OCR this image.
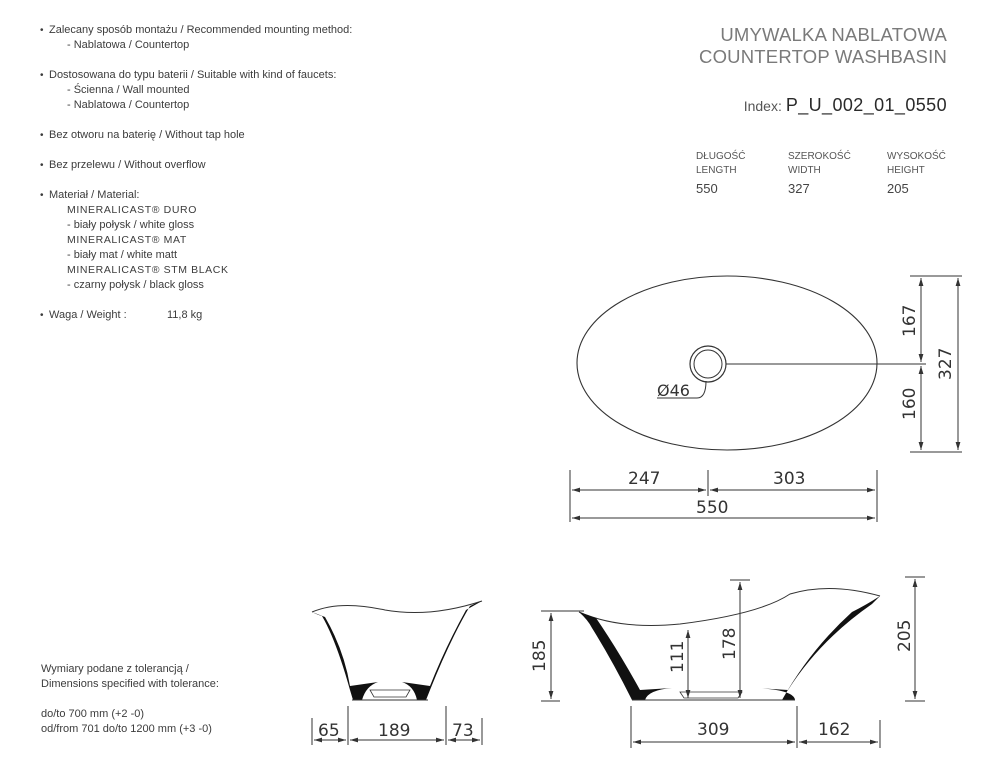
• Zalecany sposób montażu / Recommended mounting method:
- Nablatowa / Countertop
• Dostosowana do typu baterii / Suitable with kind of faucets:
- Ścienna / Wall mounted
- Nablatowa / Countertop
• Bez otworu na baterię / Without tap hole
• Bez przelewu / Without overflow
• Materiał / Material:
MINERALICAST® DURO
- biały połysk / white gloss
MINERALICAST® MAT
- biały mat / white matt
MINERALICAST® STM BLACK
- czarny połysk / black gloss
• Waga / Weight :	11,8 kg
UMYWALKA NABLATOWA
COUNTERTOP WASHBASIN
Index: P_U_002_01_0550
DŁUGOŚĆ
LENGTH
550
SZEROKOŚĆ
WIDTH
327
WYSOKOŚĆ
HEIGHT
205
Wymiary podane z tolerancją /
Dimensions specified with tolerance:
do/to 700 mm (+2 -0)
od/from 701 do/to 1200 mm (+3 -0)
Ø46
247	303
550
167
160
327
65 189 73
185	111 178	205
309	162
